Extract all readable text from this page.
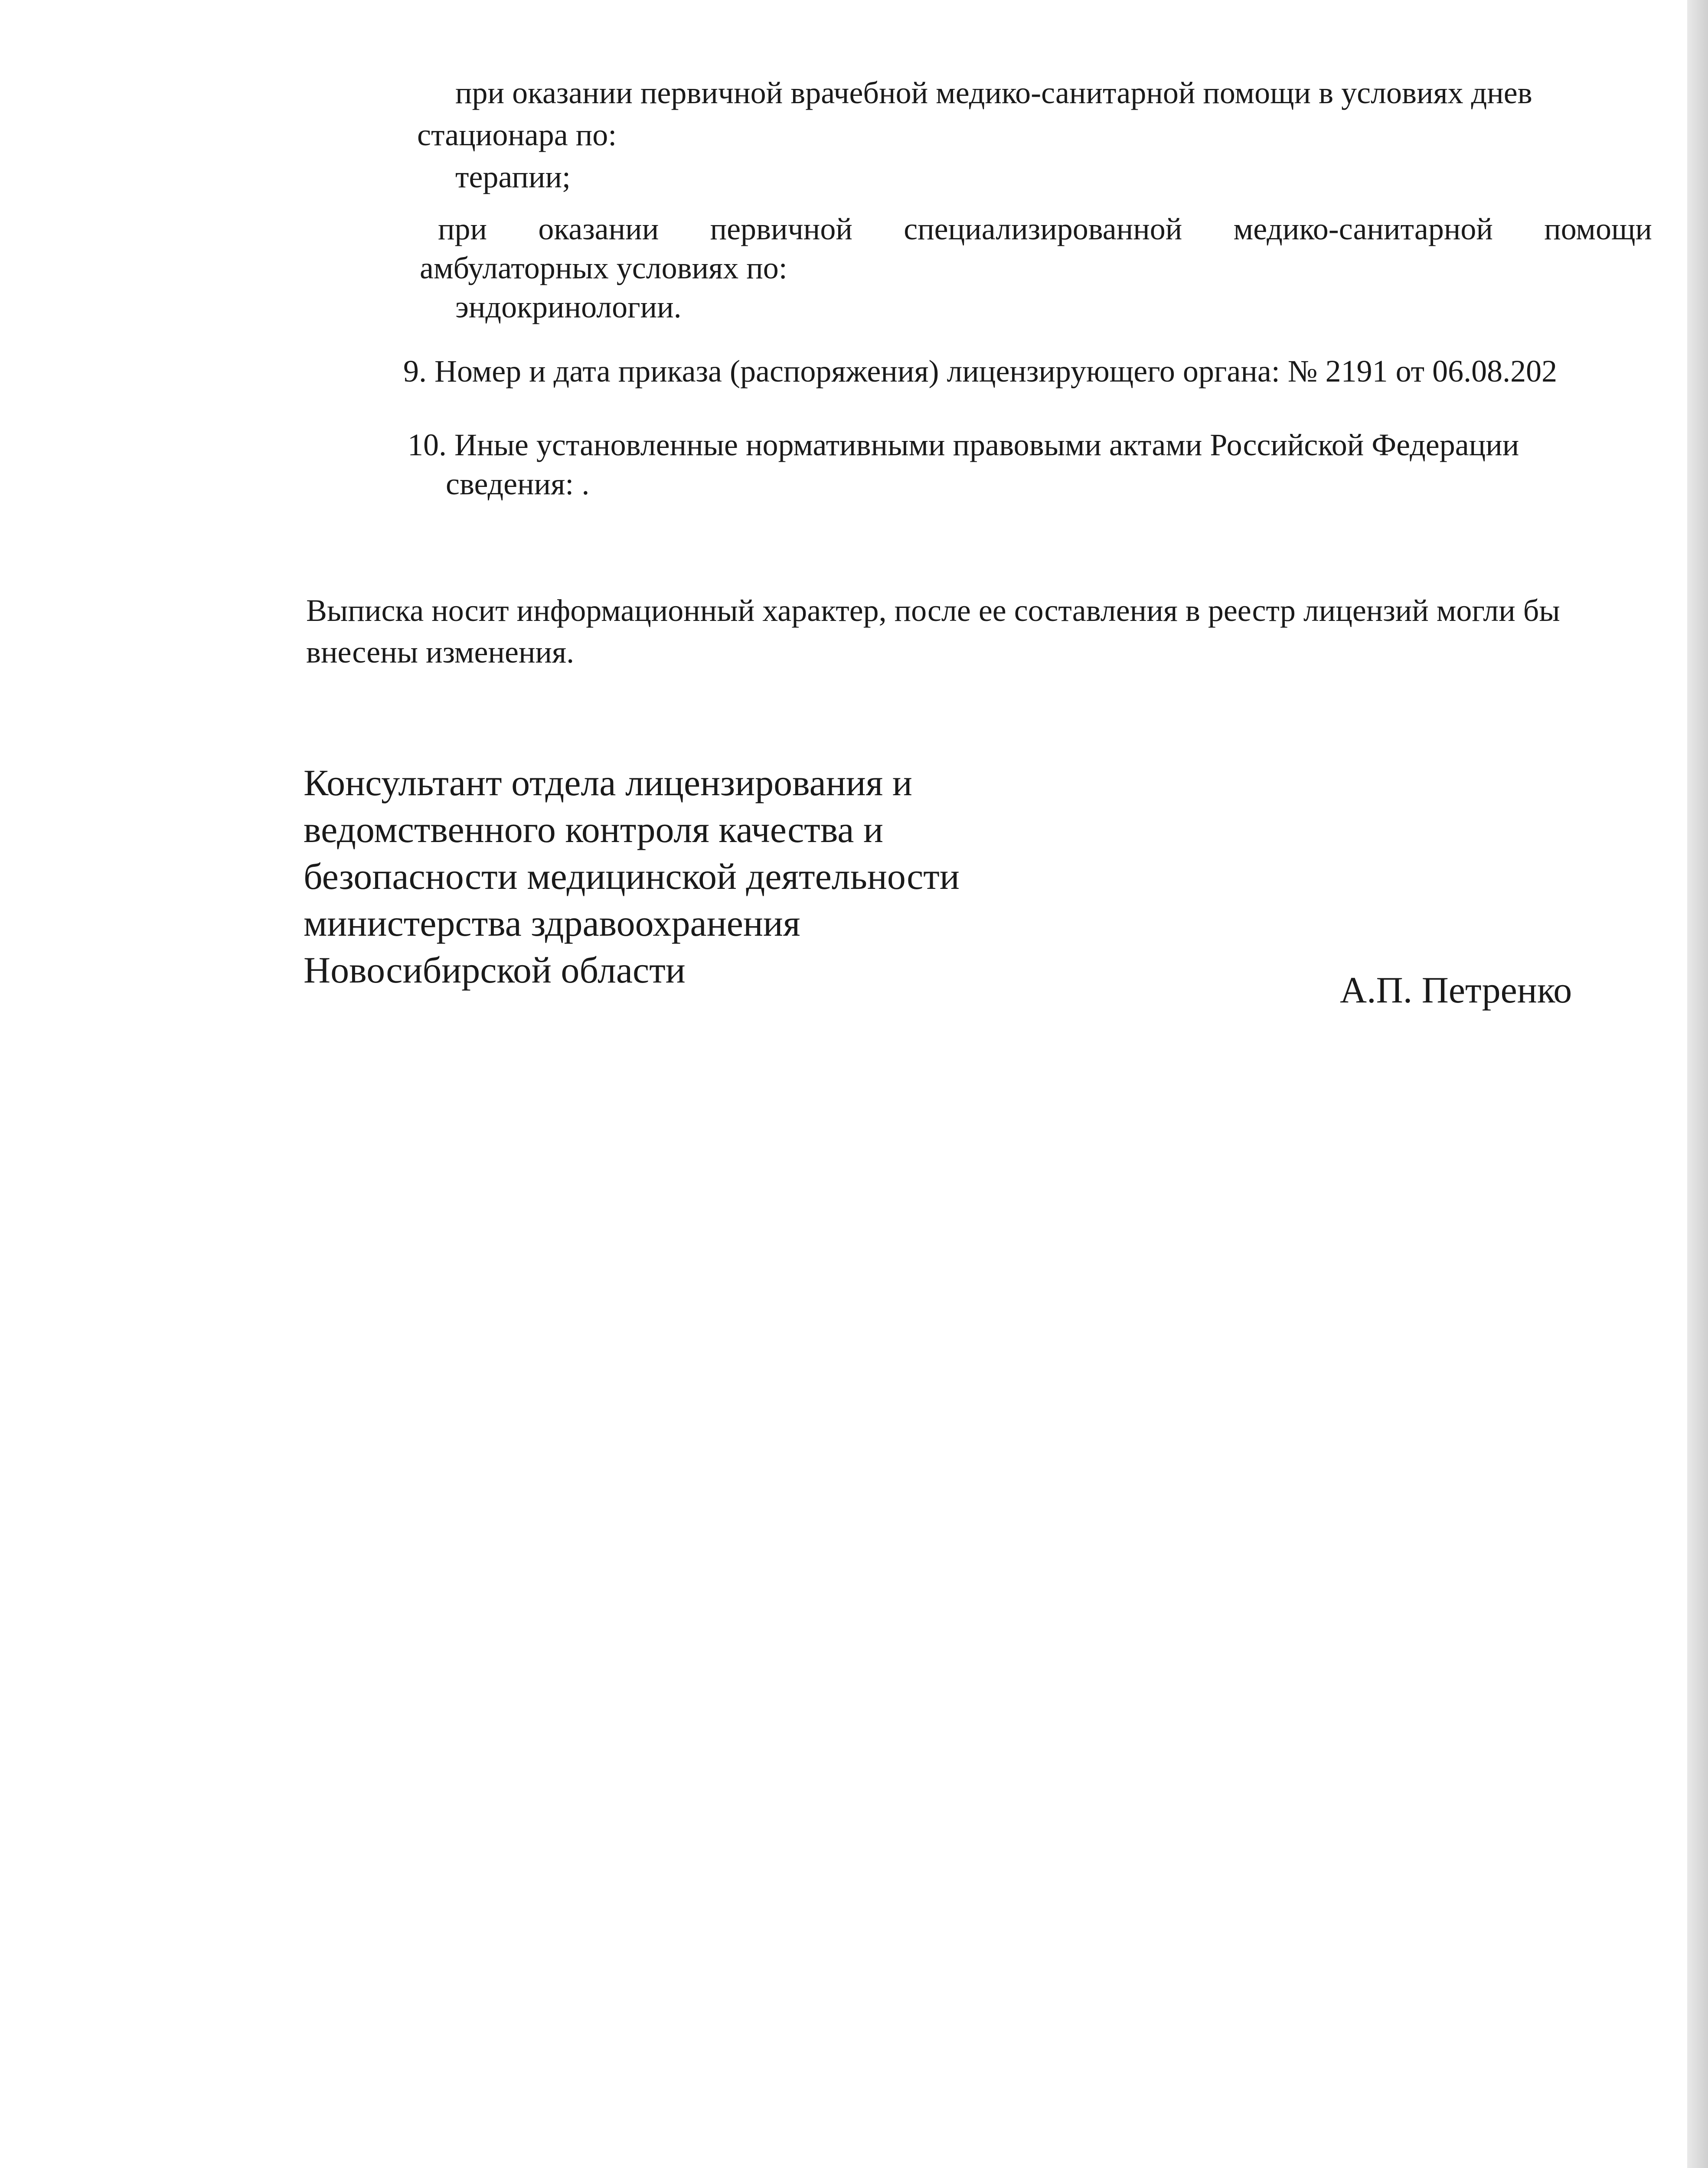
при оказании первичной врачебной медико-санитарной помощи в условиях днев
стационара по:
терапии;
при оказании первичной специализированной медико-санитарной помощи
амбулаторных условиях по:
эндокринологии.
9. Номер и дата приказа (распоряжения) лицензирующего органа: № 2191 от 06.08.202
10. Иные установленные нормативными правовыми актами Российской Федерации
сведения: .
Выписка носит информационный характер, после ее составления в реестр лицензий могли бы
внесены изменения.
Консультант отдела лицензирования и
ведомственного контроля качества и
безопасности медицинской деятельности
министерства здравоохранения
Новосибирской области	А.П. Петренко
